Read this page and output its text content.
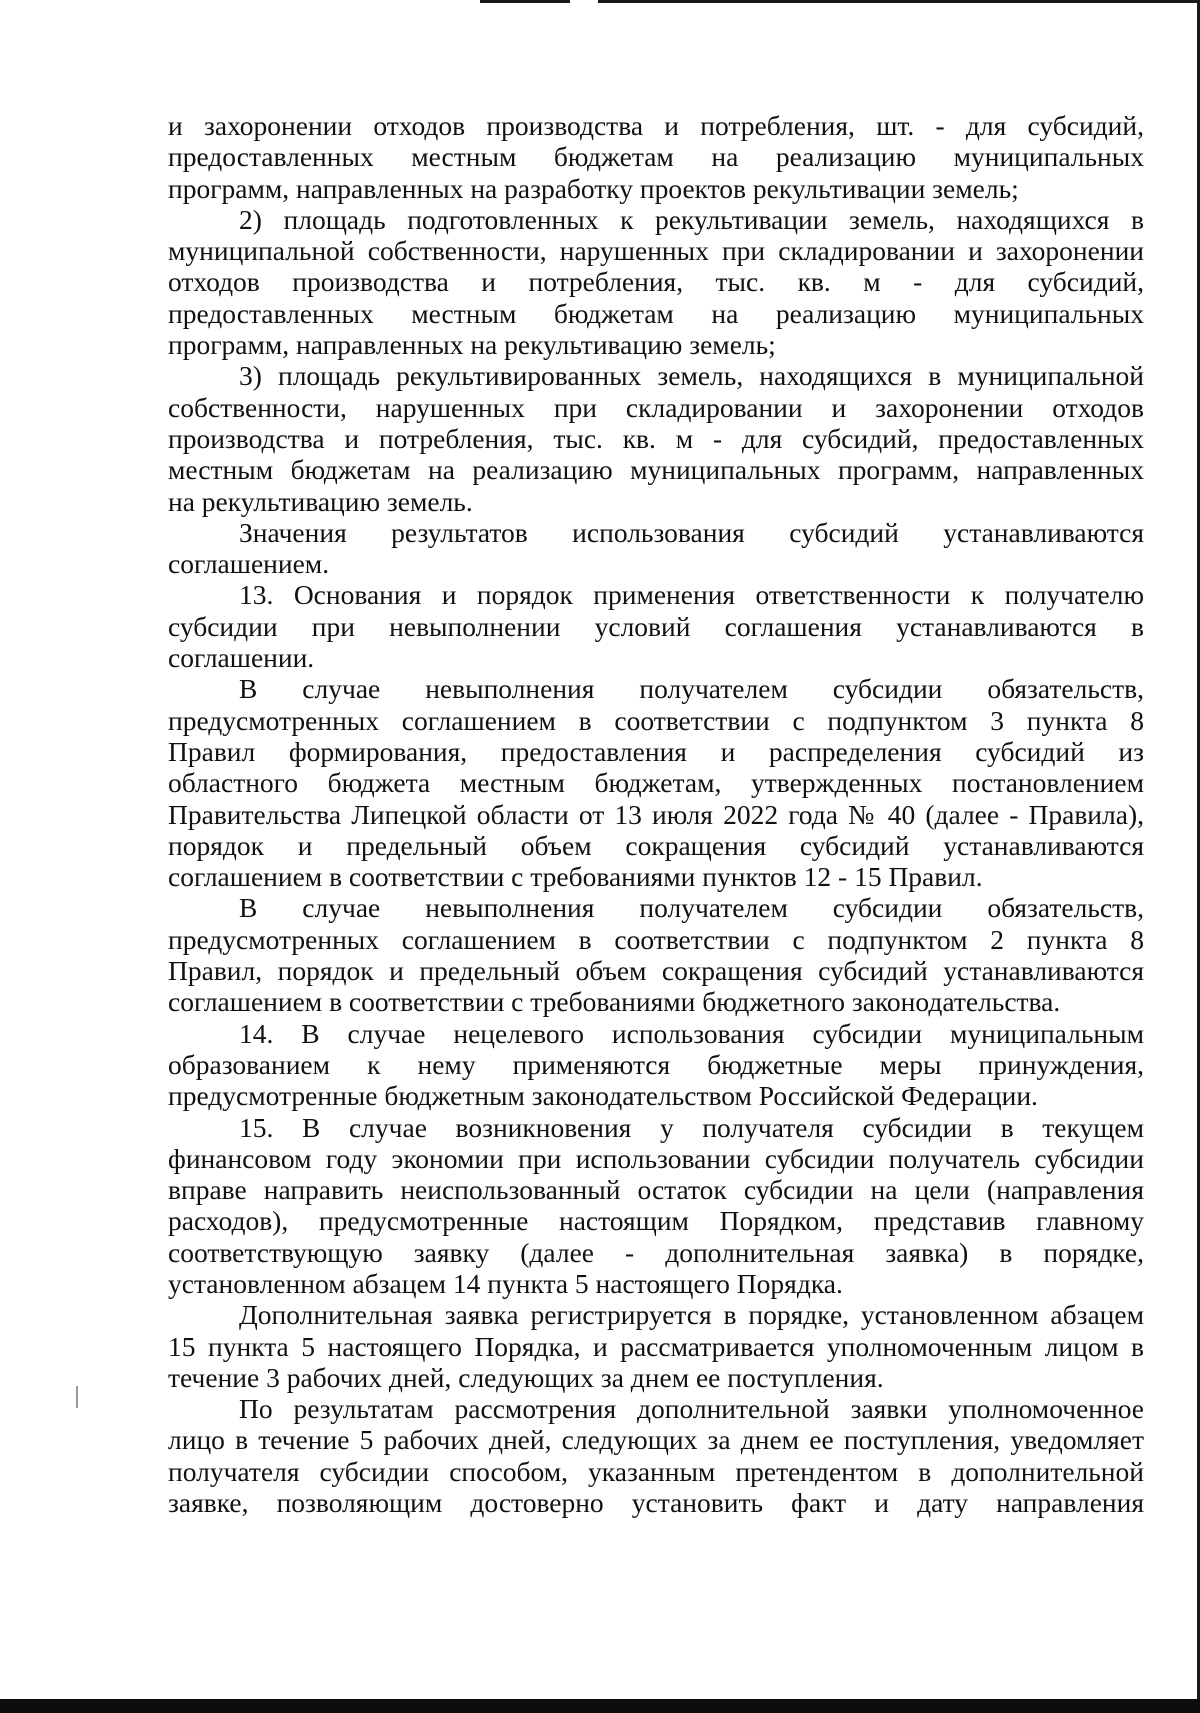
и захоронении отходов производства и потребления, шт. - для субсидий,
предоставленных местным бюджетам на реализацию муниципальных
программ, направленных на разработку проектов рекультивации земель;

2) площадь подготовленных к рекультивации земель, находящихся в
муниципальной собственности, нарушенных при складировании и захоронении
отходов производства и потребления, тыс. кв. м - для субсидий,
предоставленных местным бюджетам на реализацию муниципальных
программ, направленных на рекультивацию земель;

3) площадь рекультивированных земель, находящихся в муниципальной
собственности, нарушенных при складировании и захоронении отходов
производства и потребления, тыс. кв. м - для субсидий, предоставленных
местным бюджетам на реализацию муниципальных программ, направленных
на рекультивацию земель.

Значения результатов использования субсидий устанавливаются
соглашением.

13. Основания и порядок применения ответственности к получателю
субсидии при невыполнении условий соглашения устанавливаются в
соглашении.

В случае невыполнения получателем субсидии обязательств,
предусмотренных соглашением в соответствии с подпунктом 3 пункта 8
Правил формирования, предоставления и распределения субсидий из
областного бюджета местным бюджетам, утвержденных постановлением
Правительства Липецкой области от 13 июля 2022 года № 40 (далее - Правила),
порядок и предельный объем сокращения субсидий устанавливаются
соглашением в соответствии с требованиями пунктов 12 - 15 Правил.

В случае невыполнения получателем субсидии обязательств,
предусмотренных соглашением в соответствии с подпунктом 2 пункта 8
Правил, порядок и предельный объем сокращения субсидий устанавливаются
соглашением в соответствии с требованиями бюджетного законодательства.

14. В случае нецелевого использования субсидии муниципальным
образованием к нему применяются бюджетные меры принуждения,
предусмотренные бюджетным законодательством Российской Федерации.

15. В случае возникновения у получателя субсидии в текущем
финансовом году экономии при использовании субсидии получатель субсидии
вправе направить неиспользованный остаток субсидии на цели (направления
расходов), предусмотренные настоящим Порядком, представив главному
соответствующую заявку (далее - дополнительная заявка) в порядке,
установленном абзацем 14 пункта 5 настоящего Порядка.

Дополнительная заявка регистрируется в порядке, установленном абзацем
15 пункта 5 настоящего Порядка, и рассматривается уполномоченным лицом в
течение 3 рабочих дней, следующих за днем ее поступления.

По результатам рассмотрения дополнительной заявки уполномоченное
лицо в течение 5 рабочих дней, следующих за днем ее поступления, уведомляет
получателя субсидии способом, указанным претендентом в дополнительной
заявке, позволяющим достоверно установить факт и дату направления
